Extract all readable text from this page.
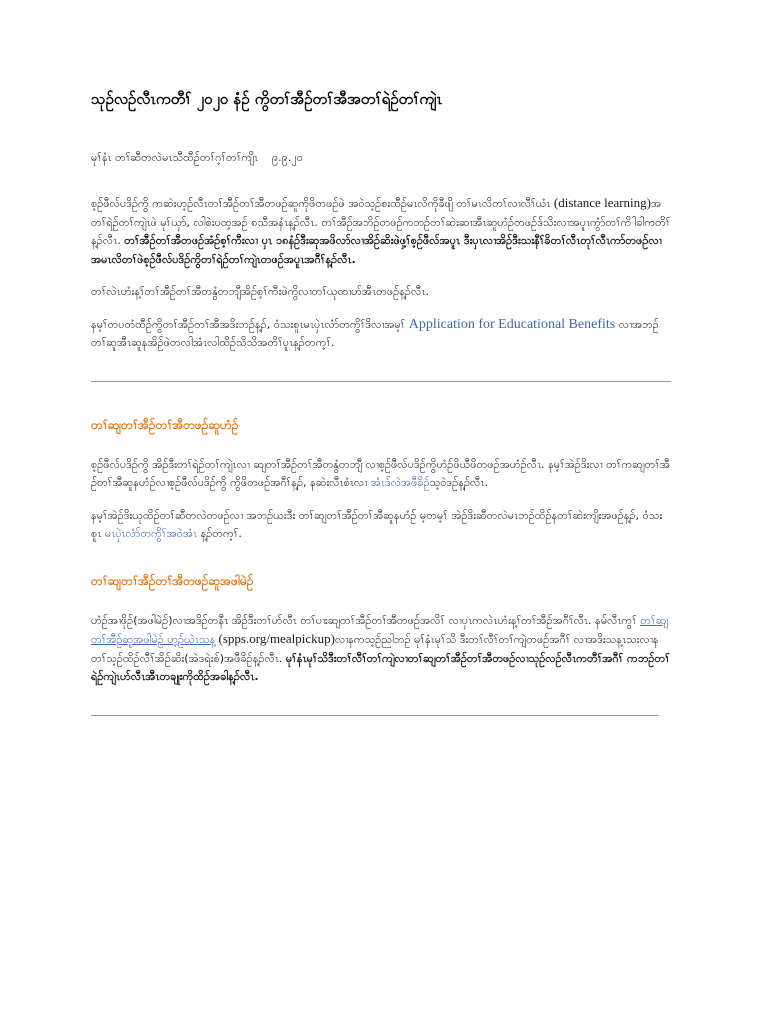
သုဉ်လဉ်လီၤကတီၢ် ၂၀၂၀ နံဉ် ကွိတၢ်အီဉ်တၢ်အီအတၢ်ရဲဉ်တၢ်ကျဲၤ
မုၢ်နံၤ တၢ်ဆီတလဲမၤသီထီဉ်တၢ်ဂ့ၢ်တၢ်ကျိၤ ၉.၉.၂၀

စ့ဉ်ဖီလ်ပဒိဉ်ကွိ ကဆဲးဟ့ဉ်လီၤတၢ်အီဉ်တၢ်အီတဖဉ်ဆူကိုဖိတဖဉ်ဖဲ အဝဲသ့ဉ်စးထီဉ်မၤလိကိုခီဖျိ တၢ်မၤလိတၢ်လၢလီၢ်ယံၤ (distance learning)အတၢ်ရဲဉ်တၢ်ကျဲၤဖဲ မုၢ်ယှာ်, လါစဲးပထ့အဉ် ၈သီအနံၤန့ၣ်လီၤ. တၢ်အီဉ်အဘိဉ်တဖဉ်ကဘဉ်တၢ်ဆဲးဆၢအီၤဆူဟံဉ်တဖဉ်ဒ်သိးလၢအပူၤကွံာ်တၢ်ကိါခါကတိၢ်န့ၣ်လီၤ. တၢ်အီဉ်တၢ်အီတဖဉ်အံဉ်စ့ၢ်ကီးလၢ ပှၤ ၁၈နံဉ်ဒီးဆုအဖိလာ်လၢအိဉ်ဆိးဖဲဖှ့ၢ်စ့ဉ်ဖီလ်အပူၤ ဒီးပှၤလၢအိဉ်ဒီးသးနီၢ်ခိတၢ်လီၤတုၢ်လီၤကာ်တဖဉ်လၢအမၤလိတၢ်ဖဲစ့ဉ်ဖီလ်ပဒိဉ်ကွိတၢ်ရဲဉ်တၢ်ကျဲၤတဖဉ်အပူၤအဂီၢ်န့ၣ်လီၤ.

တၢ်လဲၤဟံးန့ၢ်တၢ်အီဉ်တၢ်အီတနွံတဘျီအိဉ်စ့ၢ်ကီးဖဲကွိလၢတၢ်ယုထၢဟ်အီၤတဖဉ်န့ၣ်လီၤ.

နမ့ၢ်တပတံထီဉ်ကွိတၢ်အီဉ်တၢ်အီအဒိးဘဉ်န့ၣ်, ဝံသးစူၤမၤပှဲၤလံာ်တကွိၢ်ဒိလၢအမ့ၢ် Application for Educational Benefits လၢအဘဉ်တၢ်ဆူအီၤဆူနအိဉ်ဖဲတလါအံၤလါထိဉ်သိသိအတိၢ်ပူၤန့ၣ်တက့ၢ်.

တၢ်ဆျတၢ်အီဉ်တၢ်အီတဖဉ်ဆူဟံဉ်

စ့ဉ်ဖီလ်ပဒိဉ်ကွိ အိဉ်ဒီးတၢ်ရဲဉ်တၢ်ကျဲၤလၢ ဆျတၢ်အီဉ်တၢ်အီတနွံတဘျီ လၢစ့ဉ်ဖီလ်ပဒိဉ်ကွိဟံဉ်ဖိယီဖိတဖဉ်အဟံဉ်လီၤ. နမ့ၢ်အဲဉ်ဒိးလၢ တၢ်ကဆျတၢ်အီဉ်တၢ်အီဆူနဟံဉ်လၢစ့ဉ်ဖီလ်ပဒိဉ်ကွိ ကွိဖိတဖဉ်အဂီၢ်န့ၣ်, နဆဲးလီၤစံၤလၢ အံၤဒ်လဲအဖီခိဉ်သ့ဝဲဒဉ်န့ၣ်လီၤ.

နမ့ၢ်အဲဉ်ဒိးယုထိဉ်တၢ်ဆီတလဲတဖဉ်လၢ အဘဉ်ယးဒီး တၢ်ဆျတၢ်အီဉ်တၢ်အီဆူနဟံဉ် မ့တမ့ၢ် အဲဉ်ဒိးဆီတလဲမၤဘဉ်ထိဉ်နတၢ်ဆဲးကျိးအဖဉ်န့ၣ်, ဝံသးစူၤ မၤပှဲၤလံာ်တကွိၢ်အဝဲအံၤ န့ၣ်တက့ၢ်.

တၢ်ဆျတၢ်အီဉ်တၢ်အီတဖဉ်ဆူအဖါမဲဉ်

ဟံဉ်အၢဖိုဉ်(အဖါမဲဉ်)လၢအဒိဉ်တနီၤ အိဉ်ဒီးတၢ်ဟ်လီၤ တၢ်ပၢးဆျတၢ်အီဉ်တၢ်အီတဖဉ်အလိၢ် လၢပှၤကလဲၤဟံးန့ၢ်တၢ်အီဉ်အဂီၢ်လီၤ. နမ်လီၤကွၢ် တၢ်ဆျတၢ်အီဉ်ဆူအဖါမဲဉ် ဟ့ဉ်ယဲၤသန့ (spps.org/mealpickup)လၢနကသ့ဉ်ညါဘဉ် မုၢ်နံၤမုၢ်သိ ဒီးတၢ်လီၢ်တၢ်ကျဲတဖဉ်အဂီၢ် လၢအဒိးသန့ၤသးလၢနတၢ်သ့ဉ်ထိဉ်လီၢ်အိဉ်ဆိး(အဲဒရဲးစ်)အဖီခိဉ်န့ၣ်လီၤ. မုၢ်နံၤမုၢ်သိဒီးတၢ်လီၢ်တၢ်ကျဲလၢတၢ်ဆျတၢ်အီဉ်တၢ်အီတဖဉ်လၢသုဉ်လဉ်လီၤကတီၢ်အဂီၢ် ကဘဉ်တၢ်ရဲဉ်ကျဲၤဟ်လီၤအီၤတချုးကိုထိဉ်အခါန့ၣ်လီၤ.
